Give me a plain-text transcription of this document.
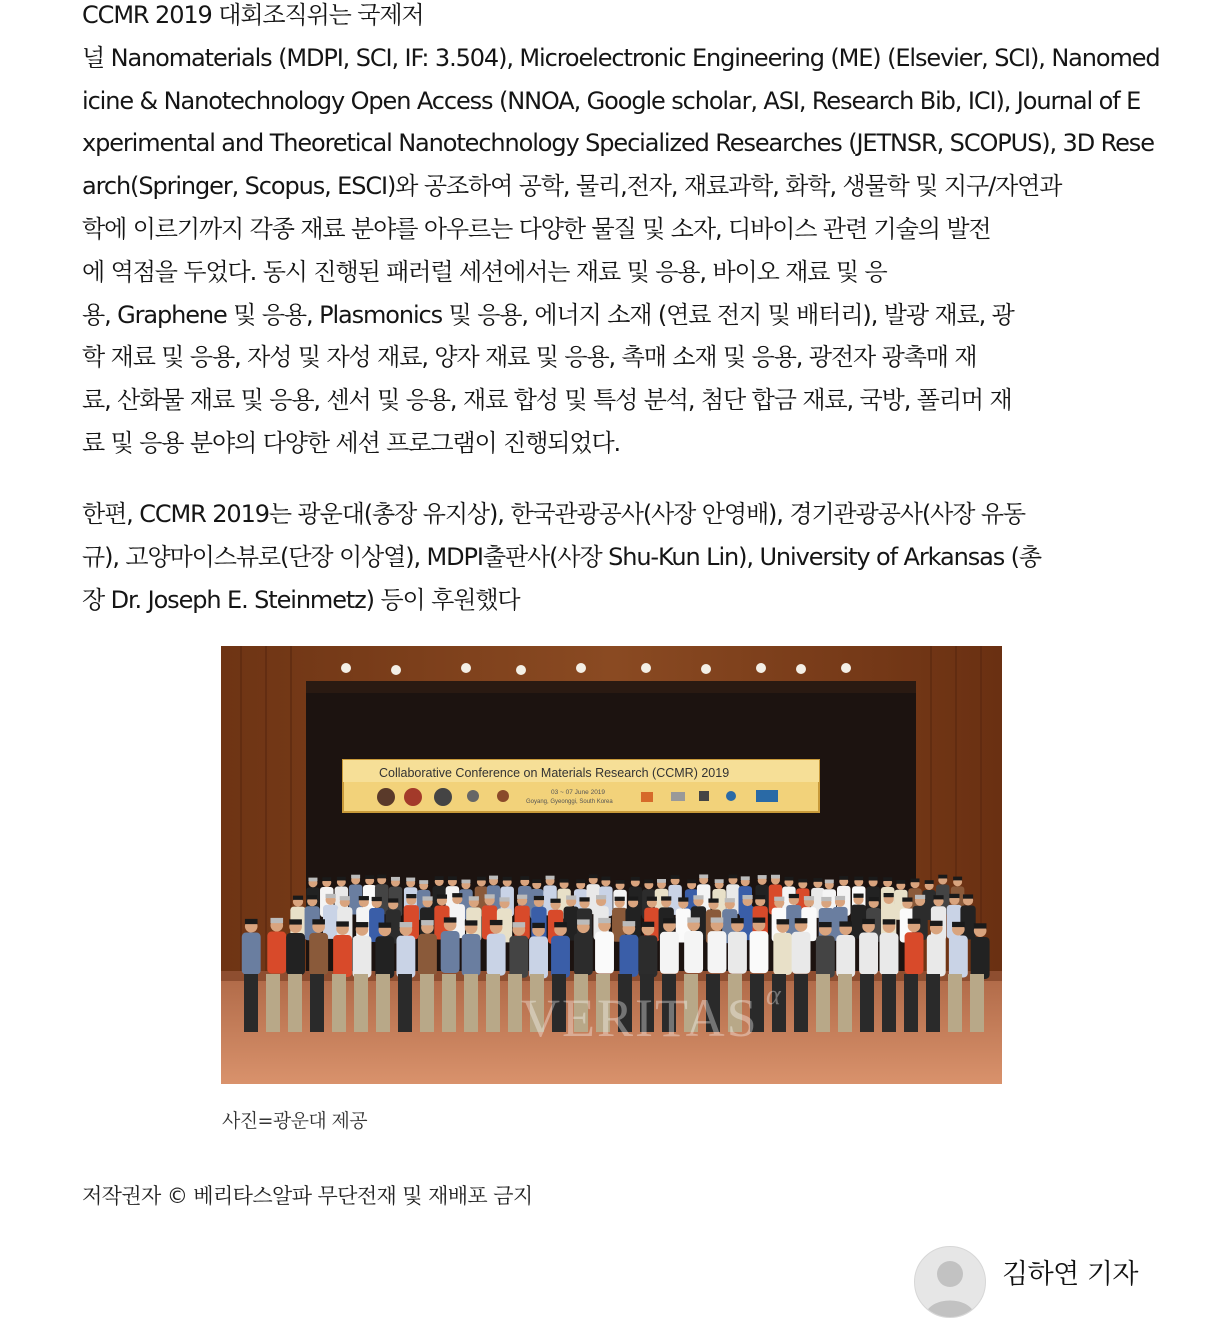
CCMR 2019 대회조직위는 국제저
널 Nanomaterials (MDPI, SCI, IF: 3.504), Microelectronic Engineering (ME) (Elsevier, SCI), Nanomed
icine & Nanotechnology Open Access (NNOA, Google scholar, ASI, Research Bib, ICI), Journal of E
xperimental and Theoretical Nanotechnology Specialized Researches (JETNSR, SCOPUS), 3D Rese
arch(Springer, Scopus, ESCI)와 공조하여 공학, 물리,전자, 재료과학, 화학, 생물학 및 지구/자연과
학에 이르기까지 각종 재료 분야를 아우르는 다양한 물질 및 소자, 디바이스 관련 기술의 발전
에 역점을 두었다. 동시 진행된 패러럴 세션에서는 재료 및 응용, 바이오 재료 및 응
용, Graphene 및 응용, Plasmonics 및 응용, 에너지 소재 (연료 전지 및 배터리), 발광 재료, 광
학 재료 및 응용, 자성 및 자성 재료, 양자 재료 및 응용, 촉매 소재 및 응용, 광전자 광촉매 재
료, 산화물 재료 및 응용, 센서 및 응용, 재료 합성 및 특성 분석, 첨단 합금 재료, 국방, 폴리머 재
료 및 응용 분야의 다양한 세션 프로그램이 진행되었다.

한편, CCMR 2019는 광운대(총장 유지상), 한국관광공사(사장 안영배), 경기관광공사(사장 유동
규), 고양마이스뷰로(단장 이상열), MDPI출판사(사장 Shu-Kun Lin), University of Arkansas (총
장 Dr. Joseph E. Steinmetz) 등이 후원했다

Collaborative Conference on Materials Research (CCMR) 2019
03 ~ 07 June 2019
Goyang, Gyeonggi, South Korea
VERITAS α
사진=광운대 제공
저작권자 © 베리타스알파 무단전재 및 재배포 금지
김하연 기자
